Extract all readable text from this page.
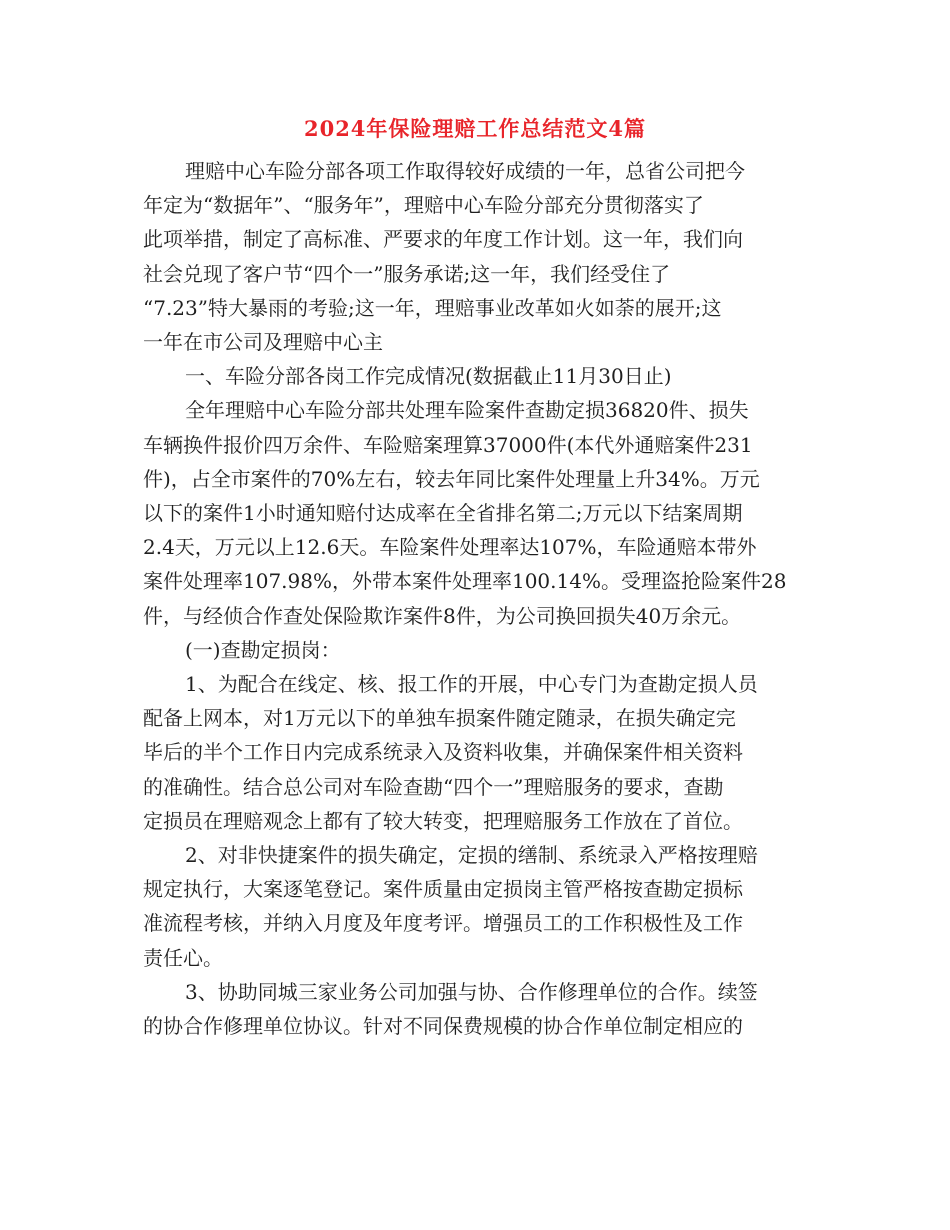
2024年保险理赔工作总结范文4篇

理赔中心车险分部各项工作取得较好成绩的一年，总省公司把今
年定为“数据年”、“服务年”，理赔中心车险分部充分贯彻落实了
此项举措，制定了高标准、严要求的年度工作计划。这一年，我们向
社会兑现了客户节“四个一”服务承诺;这一年，我们经受住了
“7.23”特大暴雨的考验;这一年，理赔事业改革如火如荼的展开;这
一年在市公司及理赔中心主

一、车险分部各岗工作完成情况(数据截止11月30日止)

全年理赔中心车险分部共处理车险案件查勘定损36820件、损失
车辆换件报价四万余件、车险赔案理算37000件(本代外通赔案件231
件)，占全市案件的70%左右，较去年同比案件处理量上升34%。万元
以下的案件1小时通知赔付达成率在全省排名第二;万元以下结案周期
2.4天，万元以上12.6天。车险案件处理率达107%，车险通赔本带外
案件处理率107.98%，外带本案件处理率100.14%。受理盗抢险案件28
件，与经侦合作查处保险欺诈案件8件，为公司换回损失40万余元。

(一)查勘定损岗：

1、为配合在线定、核、报工作的开展，中心专门为查勘定损人员
配备上网本，对1万元以下的单独车损案件随定随录，在损失确定完
毕后的半个工作日内完成系统录入及资料收集，并确保案件相关资料
的准确性。结合总公司对车险查勘“四个一”理赔服务的要求，查勘
定损员在理赔观念上都有了较大转变，把理赔服务工作放在了首位。

2、对非快捷案件的损失确定，定损的缮制、系统录入严格按理赔
规定执行，大案逐笔登记。案件质量由定损岗主管严格按查勘定损标
准流程考核，并纳入月度及年度考评。增强员工的工作积极性及工作
责任心。

3、协助同城三家业务公司加强与协、合作修理单位的合作。续签
的协合作修理单位协议。针对不同保费规模的协合作单位制定相应的
